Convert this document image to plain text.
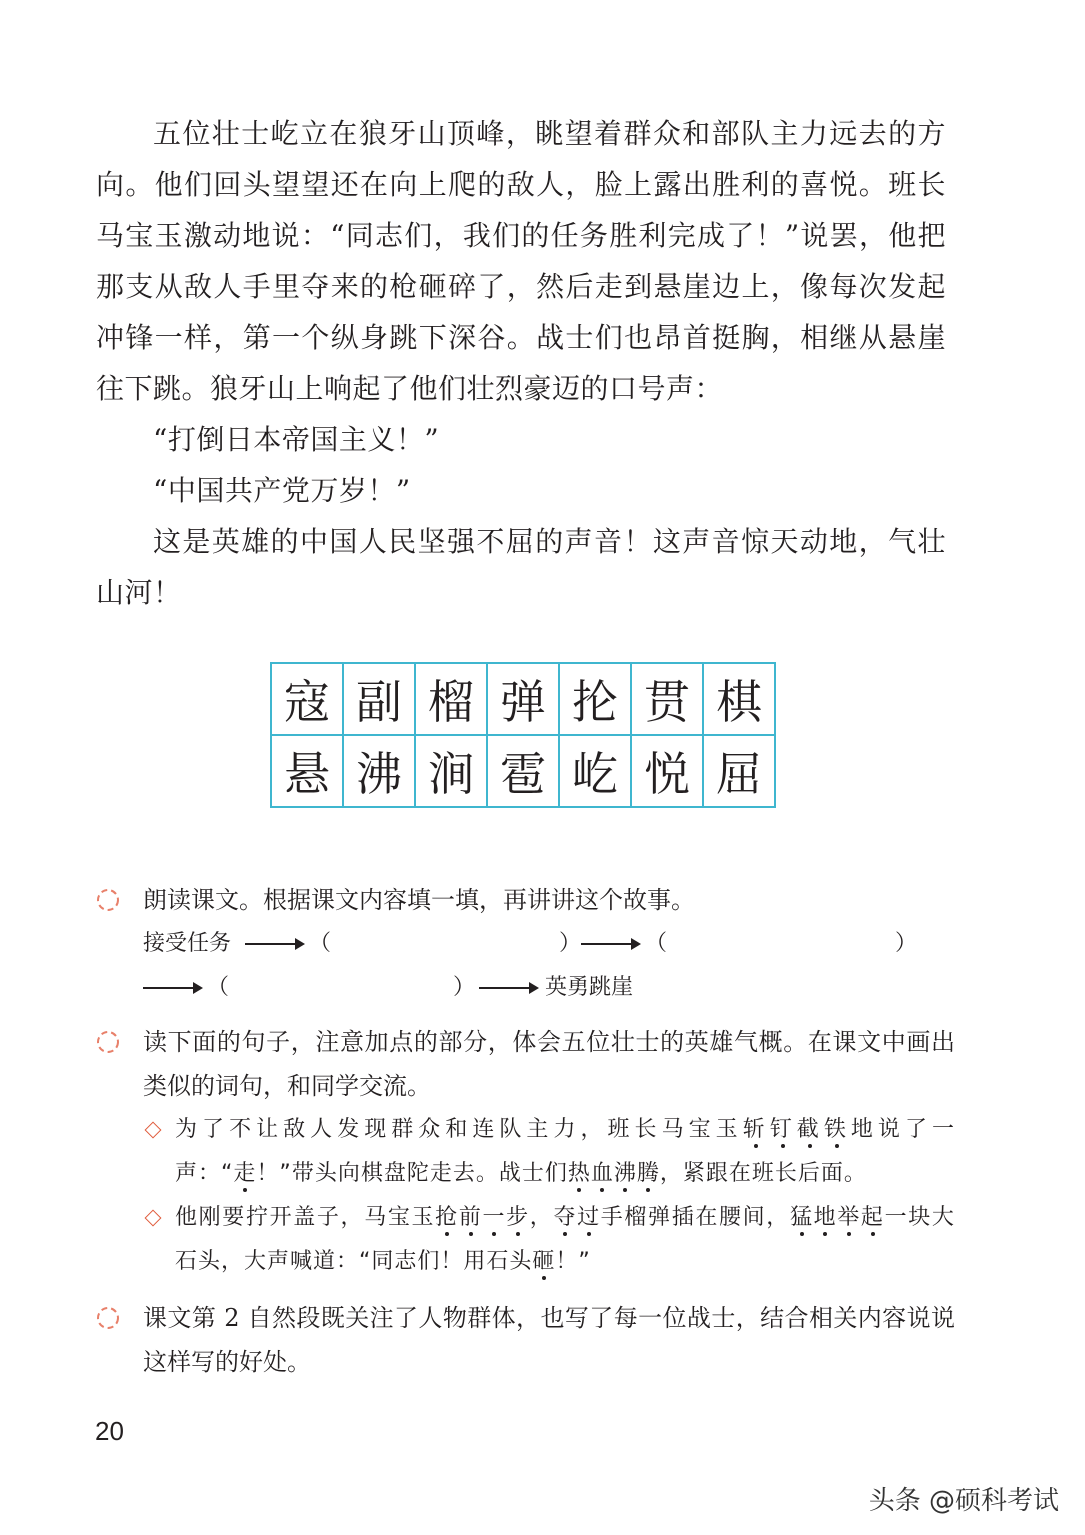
五位壮士屹立在狼牙山顶峰，眺望着群众和部队主力远去的方向。他们回头望望还在向上爬的敌人，脸上露出胜利的喜悦。班长马宝玉激动地说：“同志们，我们的任务胜利完成了！”说罢，他把那支从敌人手里夺来的枪砸碎了，然后走到悬崖边上，像每次发起冲锋一样，第一个纵身跳下深谷。战士们也昂首挺胸，相继从悬崖往下跳。狼牙山上响起了他们壮烈豪迈的口号声：

“打倒日本帝国主义！”

“中国共产党万岁！”

这是英雄的中国人民坚强不屈的声音！这声音惊天动地，气壮山河！

寇	副	榴	弹	抡	贯	棋
悬	沸	涧	雹	屹	悦	屈
朗读课文。根据课文内容填一填，再讲讲这个故事。
接受任务	（	）	（	）
（	）	英勇跳崖
读下面的句子，注意加点的部分，体会五位壮士的英雄气概。在课文中画出类似的词句，和同学交流。
为了不让敌人发现群众和连队主力，班长马宝玉斩钉截铁地说了一声：“走！”带头向棋盘陀走去。战士们热血沸腾，紧跟在班长后面。
他刚要拧开盖子，马宝玉抢前一步，夺过手榴弹插在腰间，猛地举起一块大石头，大声喊道：“同志们！用石头砸！”
课文第 2 自然段既关注了人物群体，也写了每一位战士，结合相关内容说说这样写的好处。
20
头条 @硕科考试
